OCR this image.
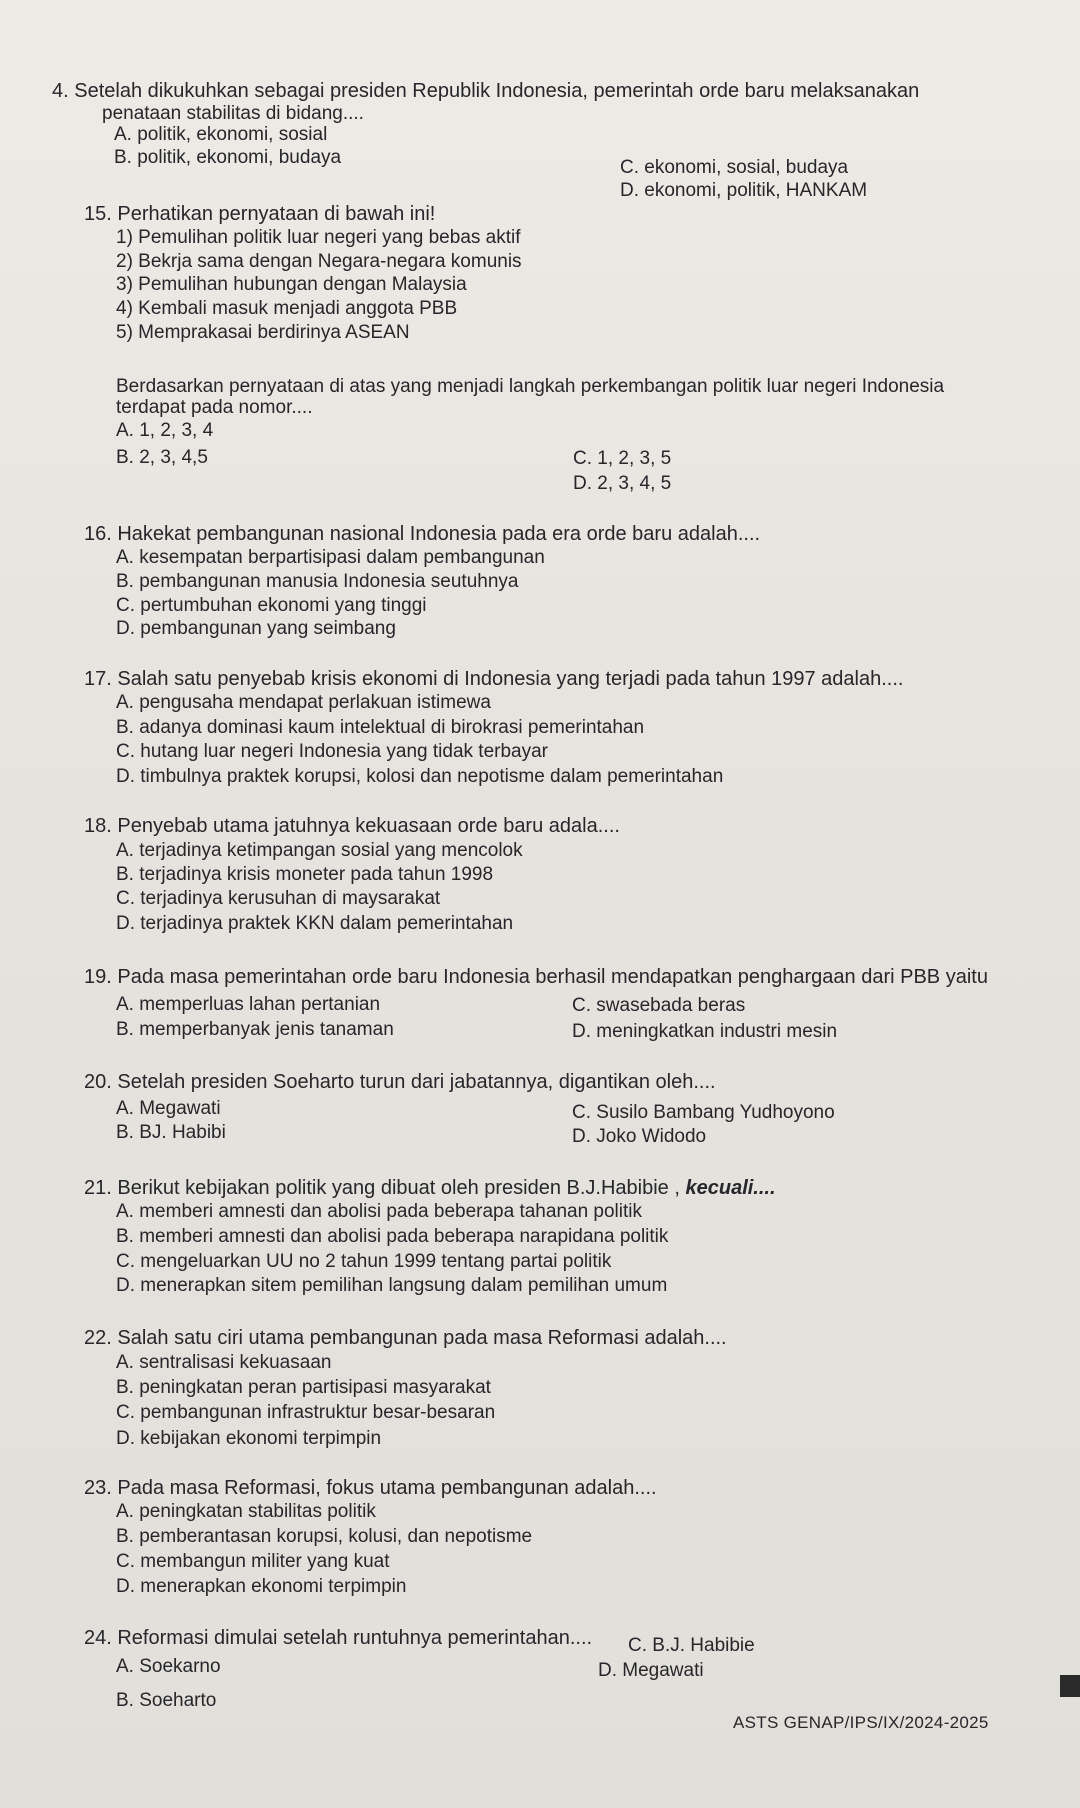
4. Setelah dikukuhkan sebagai presiden Republik Indonesia, pemerintah orde baru melaksanakan
penataan stabilitas di bidang....
A. politik, ekonomi, sosial
B. politik, ekonomi, budaya	C. ekonomi, sosial, budaya
D. ekonomi, politik, HANKAM
15. Perhatikan pernyataan di bawah ini!
1) Pemulihan politik luar negeri yang bebas aktif
2) Bekrja sama dengan Negara-negara komunis
3) Pemulihan hubungan dengan Malaysia
4) Kembali masuk menjadi anggota PBB
5) Memprakasai berdirinya ASEAN
Berdasarkan pernyataan di atas yang menjadi langkah perkembangan politik luar negeri Indonesia
terdapat pada nomor....
A. 1, 2, 3, 4
B. 2, 3, 4,5	C. 1, 2, 3, 5
D. 2, 3, 4, 5
16. Hakekat pembangunan nasional Indonesia pada era orde baru adalah....
A. kesempatan berpartisipasi dalam pembangunan
B. pembangunan manusia Indonesia seutuhnya
C. pertumbuhan ekonomi yang tinggi
D. pembangunan yang seimbang
17. Salah satu penyebab krisis ekonomi di Indonesia yang terjadi pada tahun 1997 adalah....
A. pengusaha mendapat perlakuan istimewa
B. adanya dominasi kaum intelektual di birokrasi pemerintahan
C. hutang luar negeri Indonesia yang tidak terbayar
D. timbulnya praktek korupsi, kolosi dan nepotisme dalam pemerintahan
18. Penyebab utama jatuhnya kekuasaan orde baru adala....
A. terjadinya ketimpangan sosial yang mencolok
B. terjadinya krisis moneter pada tahun 1998
C. terjadinya kerusuhan di maysarakat
D. terjadinya praktek KKN dalam pemerintahan
19. Pada masa pemerintahan orde baru Indonesia berhasil mendapatkan penghargaan dari PBB yaitu
A. memperluas lahan pertanian
B. memperbanyak jenis tanaman
C. swasebada beras
D. meningkatkan industri mesin
20. Setelah presiden Soeharto turun dari jabatannya, digantikan oleh....
A. Megawati
B. BJ. Habibi
C. Susilo Bambang Yudhoyono
D. Joko Widodo
21. Berikut kebijakan politik yang dibuat oleh presiden B.J.Habibie , kecuali....
A. memberi amnesti dan abolisi pada beberapa tahanan politik
B. memberi amnesti dan abolisi pada beberapa narapidana politik
C. mengeluarkan UU no 2 tahun 1999 tentang partai politik
D. menerapkan sitem pemilihan langsung dalam pemilihan umum
22. Salah satu ciri utama pembangunan pada masa Reformasi adalah....
A. sentralisasi kekuasaan
B. peningkatan peran partisipasi masyarakat
C. pembangunan infrastruktur besar-besaran
D. kebijakan ekonomi terpimpin
23. Pada masa Reformasi, fokus utama pembangunan adalah....
A. peningkatan stabilitas politik
B. pemberantasan korupsi, kolusi, dan nepotisme
C. membangun militer yang kuat
D. menerapkan ekonomi terpimpin
24. Reformasi dimulai setelah runtuhnya pemerintahan....
A. Soekarno
B. Soeharto
C. B.J. Habibie
D. Megawati
ASTS GENAP/IPS/IX/2024-2025
